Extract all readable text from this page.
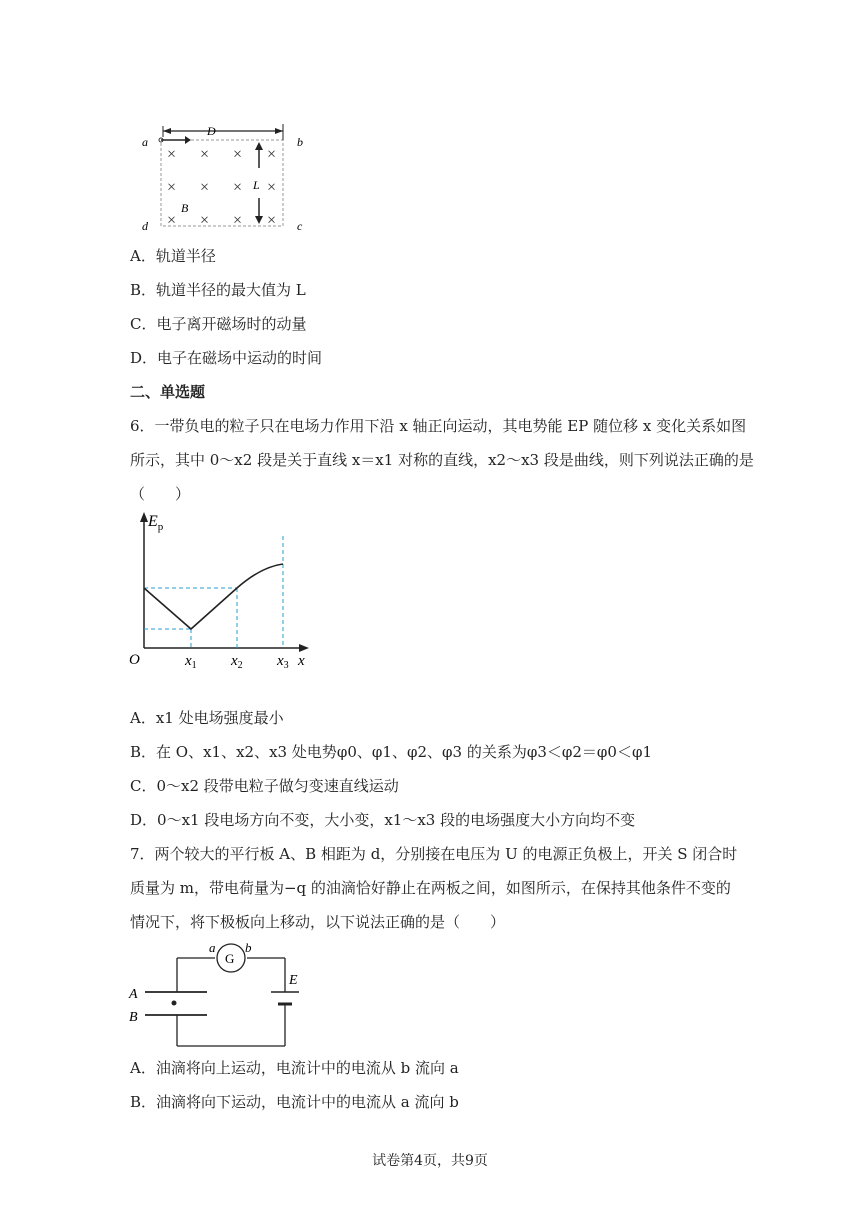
D
L
× × × ×
× × × ×
× × × ×
B
a	b
c
d
A．轨道半径
B．轨道半径的最大值为 L
C．电子离开磁场时的动量
D．电子在磁场中运动的时间
二、单选题
6．一带负电的粒子只在电场力作用下沿 x 轴正向运动，其电势能 EP 随位移 x 变化关系如图
所示，其中 0～x2 段是关于直线 x＝x1 对称的直线，x2～x3 段是曲线，则下列说法正确的是
（　　）
$E_p$
O	$x_1$ $x_2$ $x_3$ x
A．x1 处电场强度最小
B．在 O、x1、x2、x3 处电势φ0、φ1、φ2、φ3 的关系为φ3＜φ2＝φ0＜φ1
C．0～x2 段带电粒子做匀变速直线运动
D．0～x1 段电场方向不变，大小变，x1～x3 段的电场强度大小方向均不变
7．两个较大的平行板 A、B 相距为 d，分别接在电压为 U 的电源正负极上，开关 S 闭合时
质量为 m，带电荷量为−q 的油滴恰好静止在两板之间，如图所示，在保持其他条件不变的
情况下，将下极板向上移动，以下说法正确的是（　　）
A
B
G
a b
E
A．油滴将向上运动，电流计中的电流从 b 流向 a
B．油滴将向下运动，电流计中的电流从 a 流向 b
试卷第4页，共9页
